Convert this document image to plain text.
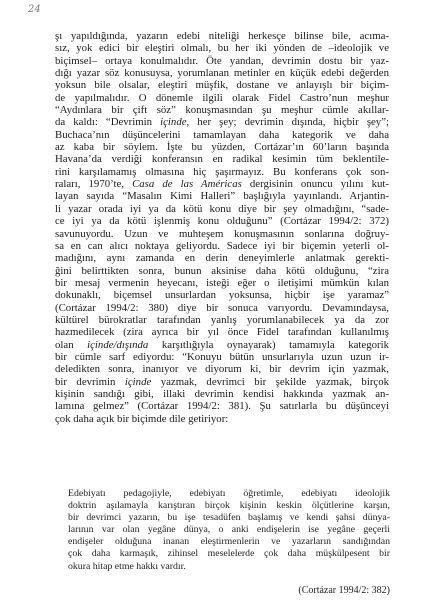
24
şı yapıldığında, yazarın edebi niteliği herkesçe bilinse bile, acıma-
sız, yok edici bir eleştiri olmalı, bu her iki yönden de –ideolojik ve
biçimsel– ortaya konulmalıdır. Öte yandan, devrimin dostu bir yaz-
dığı yazar söz konusuysa, yorumlanan metinler en küçük edebi değerden
yoksun bile olsalar, eleştiri müşfik, dostane ve anlayışlı bir biçim-
de yapılmalıdır. O dönemle ilgili olarak Fidel Castro’nun meşhur
“Aydınlara bir çift söz” konuşmasından şu meşhur cümle akıllar-
da kaldı: “Devrimin içinde, her şey; devrimin dışında, hiçbir şey”;
Buchaca’nın düşüncelerini tamamlayan daha kategorik ve daha
az kaba bir söylem. İşte bu yüzden, Cortázar’ın 60’ların başında
Havana’da verdiği konferansın en radikal kesimin tüm beklentile-
rini karşılamamış olmasına hiç şaşırmayız. Bu konferans çok son-
raları, 1970’te, Casa de las Américas dergisinin onuncu yılını kut-
layan sayıda “Masalın Kimi Halleri” başlığıyla yayınlandı. Arjantin-
li yazar orada iyi ya da kötü konu diye bir şey olmadığını, “sade-
ce iyi ya da kötü işlenmiş konu olduğunu” (Cortázar 1994/2: 372)
savunuyordu. Uzun ve muhteşem konuşmasının sonlarına doğruy-
sa en can alıcı noktaya geliyordu. Sadece iyi bir biçemin yeterli ol-
madığını, aynı zamanda en derin deneyimlerle anlatmak gerekti-
ğini belirttikten sonra, bunun aksinise daha kötü olduğunu, “zira
bir mesaj vermenin heyecanı, isteği eğer o iletişimi mümkün kılan
dokunaklı, biçemsel unsurlardan yoksunsa, hiçbir işe yaramaz”
(Cortázar 1994/2: 380) diye bir sonuca varıyordu. Devamındaysa,
kültürel bürokratlar tarafından yanlış yorumlanabilecek ya da zor
hazmedilecek (zira ayrıca bir yıl önce Fidel tarafından kullanılmış
olan içinde/dışında karşıtlığıyla oynayarak) tamamıyla kategorik
bir cümle sarf ediyordu: “Konuyu bütün unsurlarıyla uzun uzun ir-
deledikten sonra, inanıyor ve diyorum ki, bir devrim için yazmak,
bir devrimin içinde yazmak, devrimci bir şekilde yazmak, birçok
kişinin sandığı gibi, illaki devrimin kendisi hakkında yazmak an-
lamına gelmez” (Cortázar 1994/2: 381). Şu satırlarla bu düşünceyi
çok daha açık bir biçimde dile getiriyor:
Edebiyatı pedagojiyle, edebiyatı öğretimle, edebiyatı ideolojik
doktrin aşılamayla karıştıran birçok kişinin keskin ölçütlerine karşın,
bir devrimci yazarın, bu işe tesadüfen başlamış ve kendi şahsi dünya-
larının var olan yegâne dünya, o anki endişelerin ise yegâne geçerli
endişeler olduğuna inanan eleştirmenlerin ve yazarların sandığından
çok daha karmaşık, zihinsel meselelerde çok daha müşkülpesent bir
okura hitap etme hakkı vardır.
(Cortázar 1994/2: 382)
